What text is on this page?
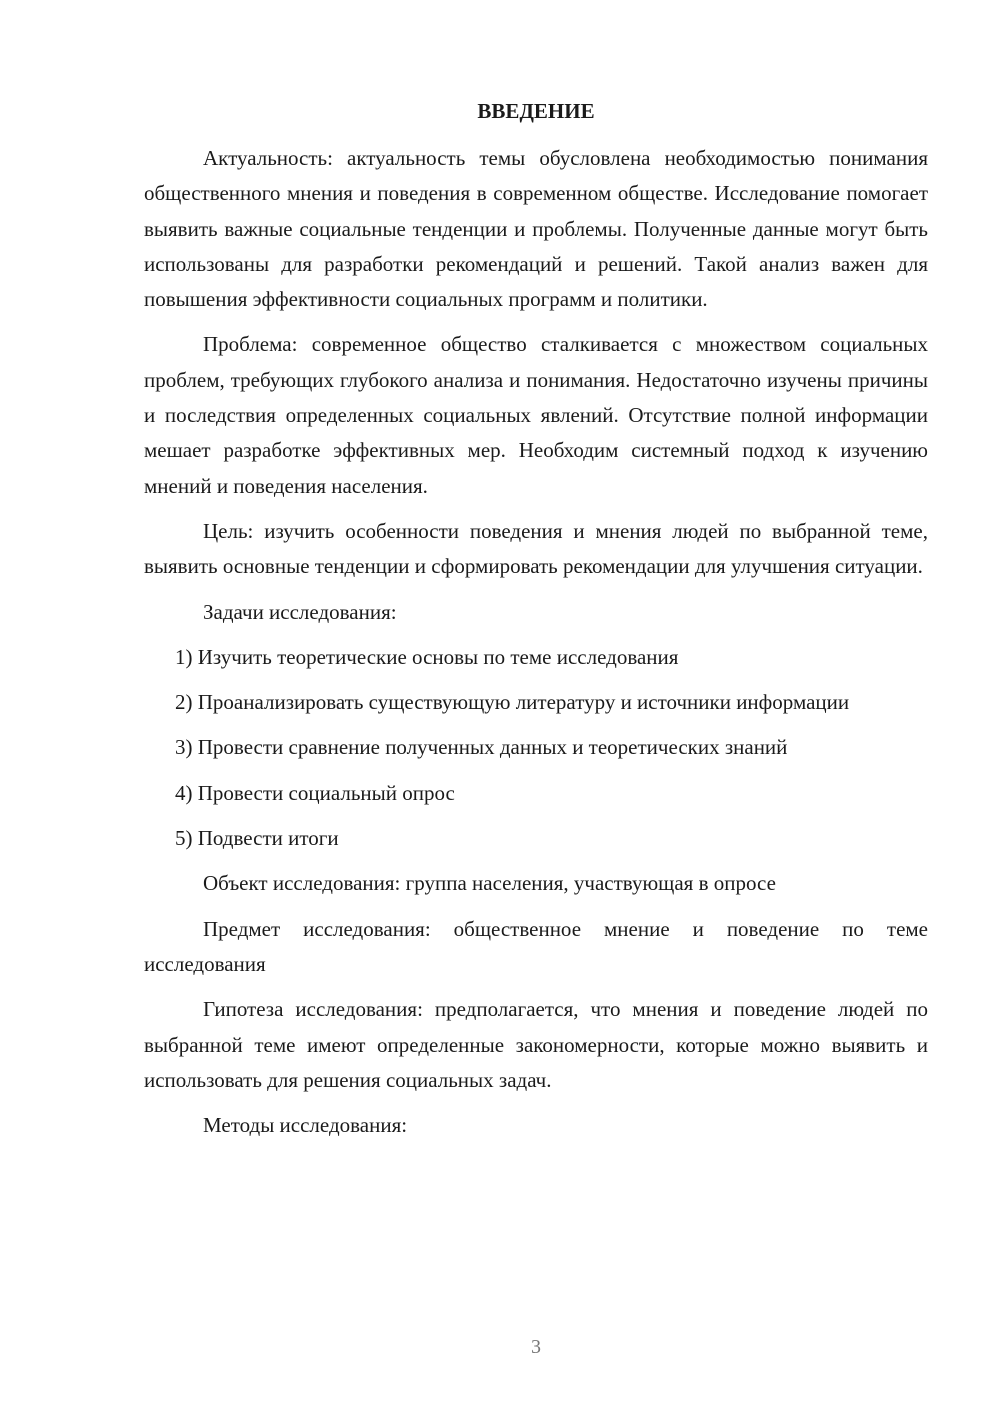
ВВЕДЕНИЕ

Актуальность: актуальность темы обусловлена необходимостью понимания общественного мнения и поведения в современном обществе. Исследование помогает выявить важные социальные тенденции и проблемы. Полученные данные могут быть использованы для разработки рекомендаций и решений. Такой анализ важен для повышения эффективности социальных программ и политики.

Проблема: современное общество сталкивается с множеством социальных проблем, требующих глубокого анализа и понимания. Недостаточно изучены причины и последствия определенных социальных явлений. Отсутствие полной информации мешает разработке эффективных мер. Необходим системный подход к изучению мнений и поведения населения.

Цель: изучить особенности поведения и мнения людей по выбранной теме, выявить основные тенденции и сформировать рекомендации для улучшения ситуации.

Задачи исследования:

1) Изучить теоретические основы по теме исследования

2) Проанализировать существующую литературу и источники информации

3) Провести сравнение полученных данных и теоретических знаний

4) Провести социальный опрос

5) Подвести итоги

Объект исследования: группа населения, участвующая в опросе

Предмет исследования: общественное мнение и поведение по теме исследования

Гипотеза исследования: предполагается, что мнения и поведение людей по выбранной теме имеют определенные закономерности, которые можно выявить и использовать для решения социальных задач.

Методы исследования:

3
